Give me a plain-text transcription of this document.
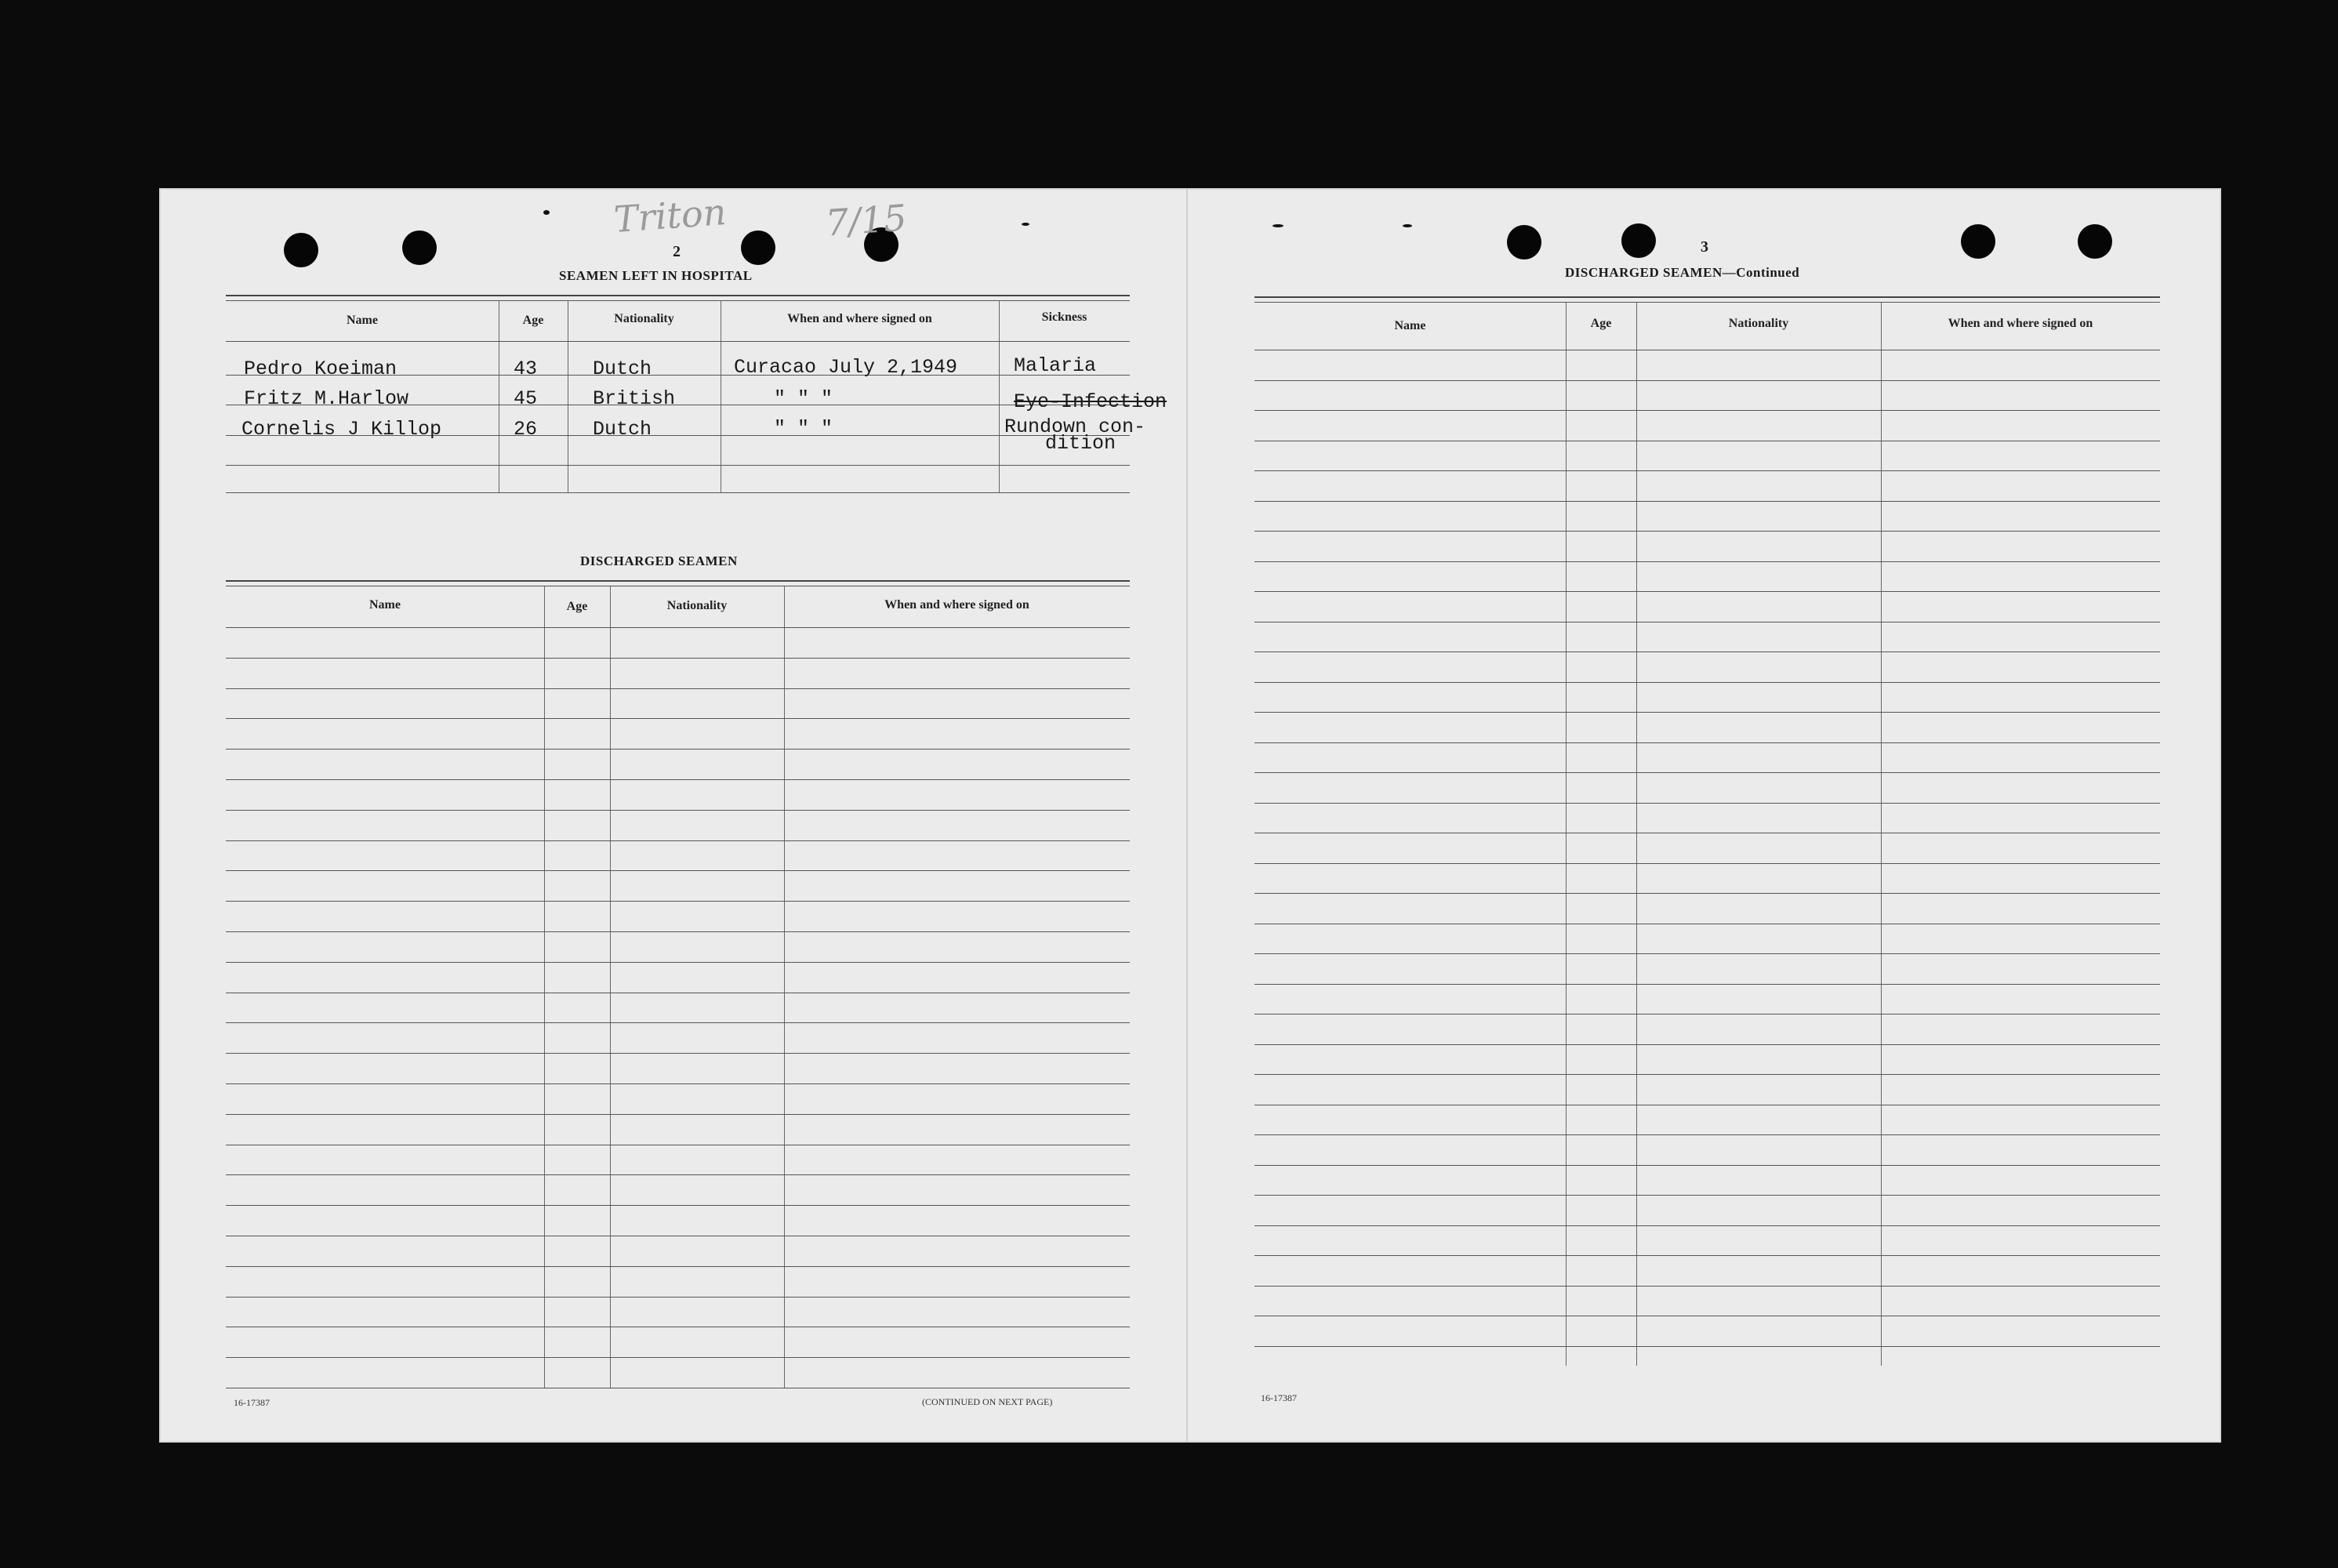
Triton	7/15
2
SEAMEN LEFT IN HOSPITAL
Name	Age	Nationality	When and where signed on	Sickness
Pedro Koeiman	43	Dutch	Curacao July 2,1949	Malaria
Fritz M.Harlow	45	British	" " "	Eye-Infection
Cornelis J Killop	26	Dutch	" " "	Rundown con-
dition
DISCHARGED SEAMEN
Name	Age	Nationality	When and where signed on
16-17387	(CONTINUED ON NEXT PAGE)
3
DISCHARGED SEAMEN—Continued
Name	Age	Nationality	When and where signed on
16-17387
